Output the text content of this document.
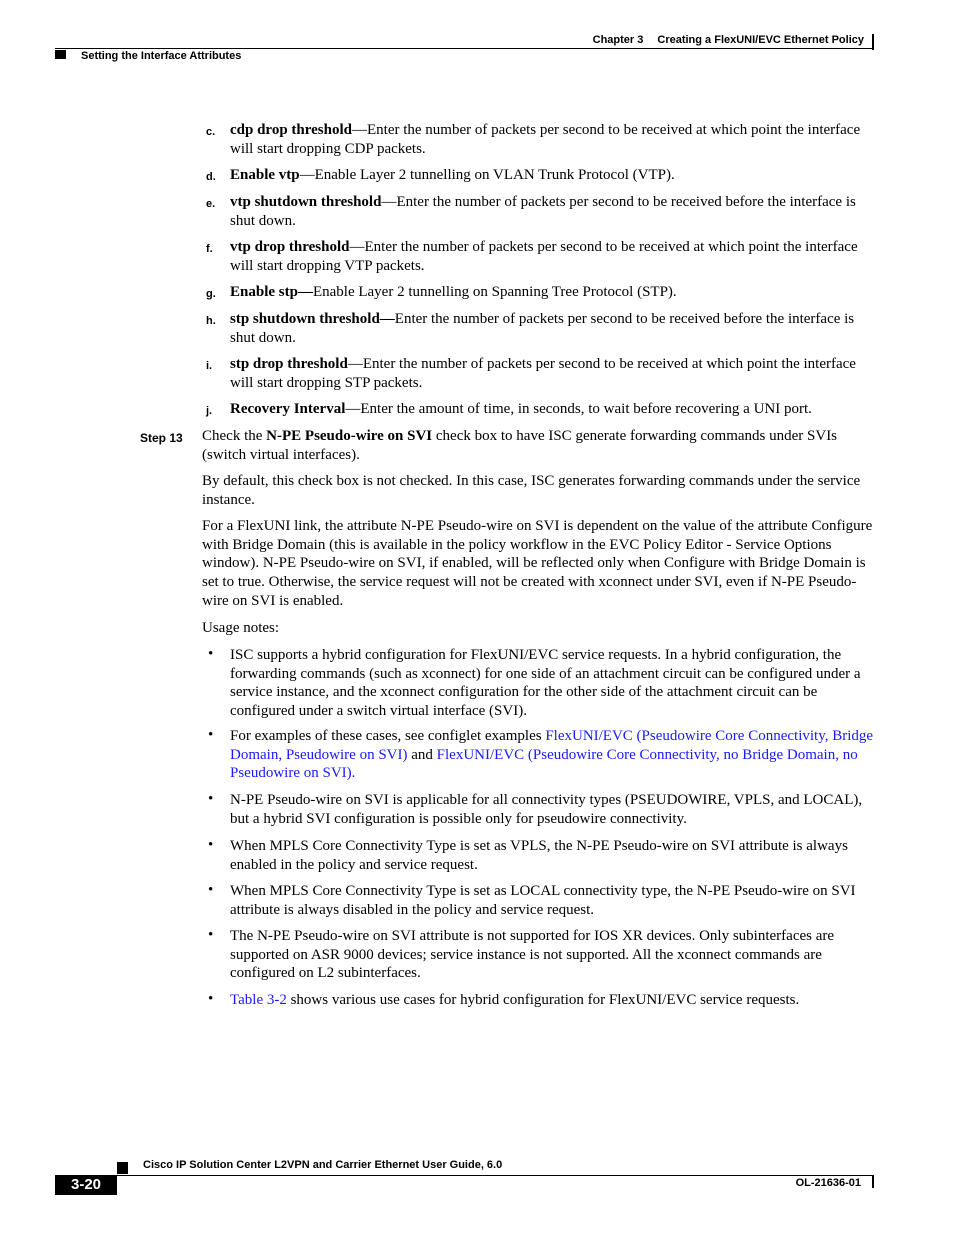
Chapter 3 Creating a FlexUNI/EVC Ethernet Policy
Setting the Interface Attributes
c. cdp drop threshold—Enter the number of packets per second to be received at which point the interface will start dropping CDP packets.
d. Enable vtp—Enable Layer 2 tunnelling on VLAN Trunk Protocol (VTP).
e. vtp shutdown threshold—Enter the number of packets per second to be received before the interface is shut down.
f. vtp drop threshold—Enter the number of packets per second to be received at which point the interface will start dropping VTP packets.
g. Enable stp—Enable Layer 2 tunnelling on Spanning Tree Protocol (STP).
h. stp shutdown threshold—Enter the number of packets per second to be received before the interface is shut down.
i. stp drop threshold—Enter the number of packets per second to be received at which point the interface will start dropping STP packets.
j. Recovery Interval—Enter the amount of time, in seconds, to wait before recovering a UNI port.
Step 13 Check the N-PE Pseudo-wire on SVI check box to have ISC generate forwarding commands under SVIs (switch virtual interfaces).
By default, this check box is not checked. In this case, ISC generates forwarding commands under the service instance.
For a FlexUNI link, the attribute N-PE Pseudo-wire on SVI is dependent on the value of the attribute Configure with Bridge Domain (this is available in the policy workflow in the EVC Policy Editor - Service Options window). N-PE Pseudo-wire on SVI, if enabled, will be reflected only when Configure with Bridge Domain is set to true. Otherwise, the service request will not be created with xconnect under SVI, even if N-PE Pseudo-wire on SVI is enabled.
Usage notes:
• ISC supports a hybrid configuration for FlexUNI/EVC service requests. In a hybrid configuration, the forwarding commands (such as xconnect) for one side of an attachment circuit can be configured under a service instance, and the xconnect configuration for the other side of the attachment circuit can be configured under a switch virtual interface (SVI).
• For examples of these cases, see configlet examples FlexUNI/EVC (Pseudowire Core Connectivity, Bridge Domain, Pseudowire on SVI) and FlexUNI/EVC (Pseudowire Core Connectivity, no Bridge Domain, no Pseudowire on SVI).
• N-PE Pseudo-wire on SVI is applicable for all connectivity types (PSEUDOWIRE, VPLS, and LOCAL), but a hybrid SVI configuration is possible only for pseudowire connectivity.
• When MPLS Core Connectivity Type is set as VPLS, the N-PE Pseudo-wire on SVI attribute is always enabled in the policy and service request.
• When MPLS Core Connectivity Type is set as LOCAL connectivity type, the N-PE Pseudo-wire on SVI attribute is always disabled in the policy and service request.
• The N-PE Pseudo-wire on SVI attribute is not supported for IOS XR devices. Only subinterfaces are supported on ASR 9000 devices; service instance is not supported. All the xconnect commands are configured on L2 subinterfaces.
• Table 3-2 shows various use cases for hybrid configuration for FlexUNI/EVC service requests.
Cisco IP Solution Center L2VPN and Carrier Ethernet User Guide, 6.0
3-20	OL-21636-01
